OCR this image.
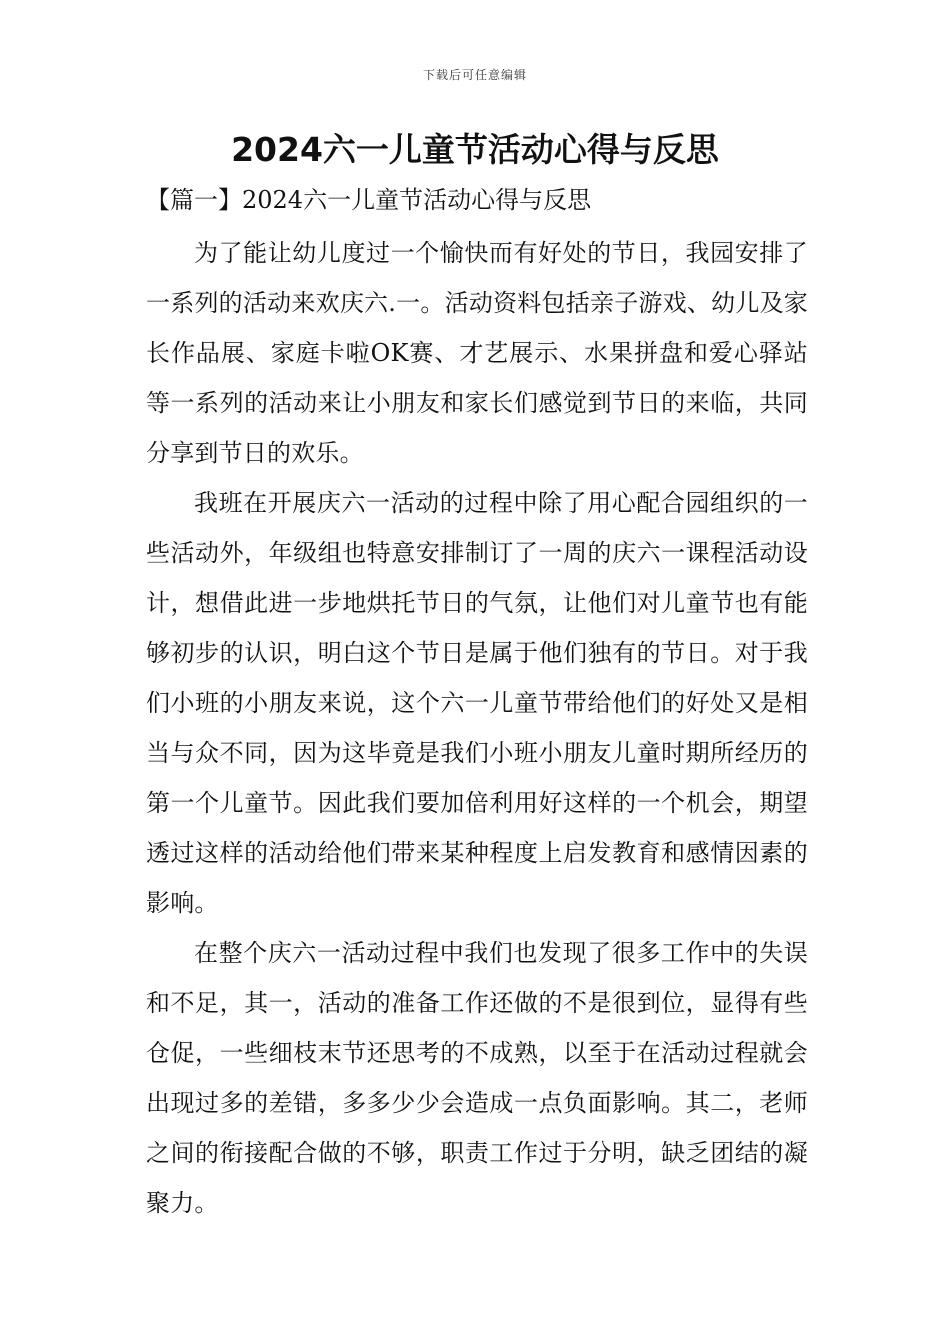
下载后可任意编辑
2024六一儿童节活动心得与反思

【篇一】2024六一儿童节活动心得与反思

为了能让幼儿度过一个愉快而有好处的节日，我园安排了一系列的活动来欢庆六.一。活动资料包括亲子游戏、幼儿及家长作品展、家庭卡啦OK赛、才艺展示、水果拼盘和爱心驿站等一系列的活动来让小朋友和家长们感觉到节日的来临，共同分享到节日的欢乐。

我班在开展庆六一活动的过程中除了用心配合园组织的一些活动外，年级组也特意安排制订了一周的庆六一课程活动设计，想借此进一步地烘托节日的气氛，让他们对儿童节也有能够初步的认识，明白这个节日是属于他们独有的节日。对于我们小班的小朋友来说，这个六一儿童节带给他们的好处又是相当与众不同，因为这毕竟是我们小班小朋友儿童时期所经历的第一个儿童节。因此我们要加倍利用好这样的一个机会，期望透过这样的活动给他们带来某种程度上启发教育和感情因素的影响。

在整个庆六一活动过程中我们也发现了很多工作中的失误和不足，其一，活动的准备工作还做的不是很到位，显得有些仓促，一些细枝末节还思考的不成熟，以至于在活动过程就会出现过多的差错，多多少少会造成一点负面影响。其二，老师之间的衔接配合做的不够，职责工作过于分明，缺乏团结的凝聚力。
